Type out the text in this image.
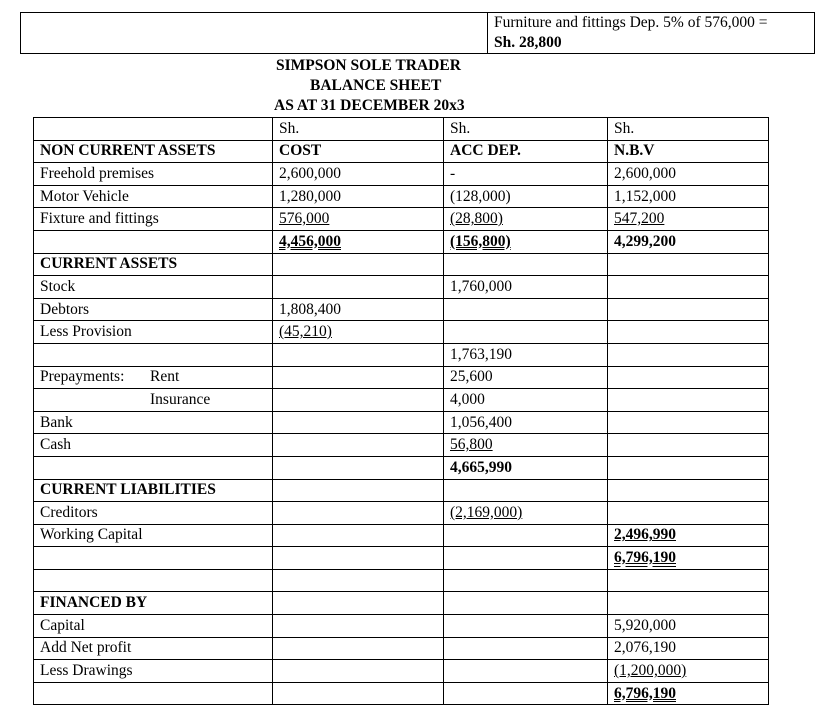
Furniture and fittings Dep. 5% of 576,000 =
Sh. 28,800
SIMPSON SOLE TRADER
BALANCE SHEET
AS AT 31 DECEMBER 20x3
	Sh.	Sh.	Sh.
NON CURRENT ASSETS	COST	ACC DEP.	N.B.V
Freehold premises	2,600,000	-	2,600,000
Motor Vehicle	1,280,000	(128,000)	1,152,000
Fixture and fittings	576,000	(28,800)	547,200
	4,456,000	(156,800)	4,299,200
CURRENT ASSETS			
Stock		1,760,000	
Debtors	1,808,400		
Less Provision	(45,210)		
		1,763,190	
Prepayments: Rent		25,600	
Insurance		4,000	
Bank		1,056,400	
Cash		56,800	
		4,665,990	
CURRENT LIABILITIES			
Creditors		(2,169,000)	
Working Capital			2,496,990
			6,796,190

FINANCED BY			
Capital			5,920,000
Add Net profit			2,076,190
Less Drawings			(1,200,000)
			6,796,190
